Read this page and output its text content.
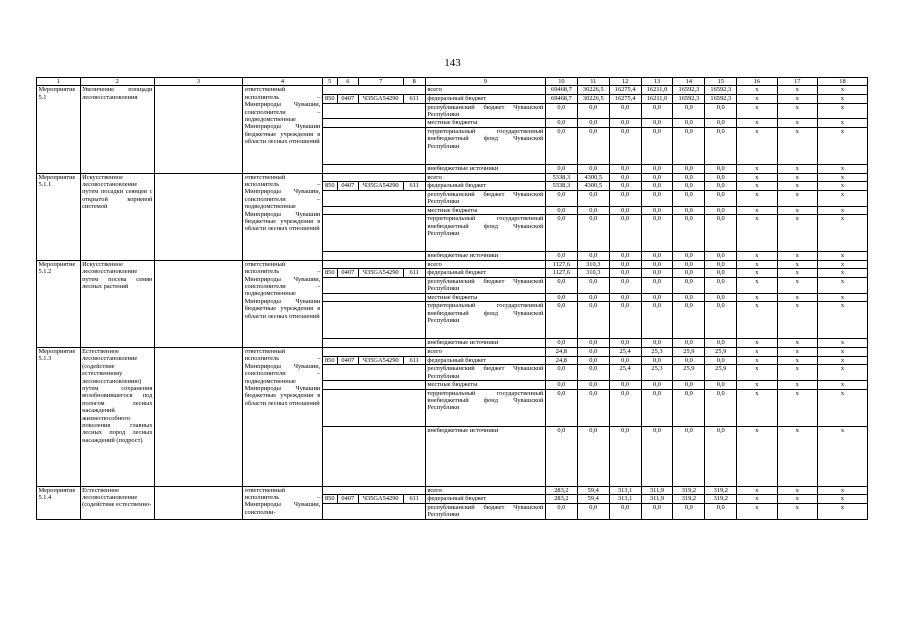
143
1	2	3	4	5	6	7	8	9	10	11	12	13	14	15	16	17	18
Мероприятие 5.1	Увеличение площади лесовосстановления		ответственный исполнитель – Минприроды Чувашии, соисполнители – подведомственные Минприроды Чувашии бюджетные учреждения в области лесных отношений					всего	69468,7	30226,5	16275,4	16211,0	16592,3	16592,3	x	x	x
				850	0407	Ч35GA54290	611	федеральный бюджет	69468,7	30226,5	16275,4	16211,0	16592,3	16592,3	x	x	x
								республиканский бюджет Чувашской Республики	0,0	0,0	0,0	0,0	0,0	0,0	x	x	x
								местные бюджеты	0,0	0,0	0,0	0,0	0,0	0,0	x	x	x
								территориальный государственный внебюджетный фонд Чувашской Республики	0,0	0,0	0,0	0,0	0,0	0,0	x	x	x
								внебюджетные источники	0,0	0,0	0,0	0,0	0,0	0,0	x	x	x
Мероприятие 5.1.1	Искусственное лесовосстановление путем посадки сеянцев с открытой корневой системой		ответственный исполнитель – Минприроды Чувашии, соисполнители – подведомственные Минприроды Чувашии бюджетные учреждения в области лесных отношений					всего	5338,3	4300,5	0,0	0,0	0,0	0,0	x	x	x
				850	0407	Ч35GA54290	611	федеральный бюджет	5338,3	4300,5	0,0	0,0	0,0	0,0	x	x	x
								республиканский бюджет Чувашской Республики	0,0	0,0	0,0	0,0	0,0	0,0	x	x	x
								местные бюджеты	0,0	0,0	0,0	0,0	0,0	0,0	x	x	x
								территориальный государственный внебюджетный фонд Чувашской Республики	0,0	0,0	0,0	0,0	0,0	0,0	x	x	x
								внебюджетные источники	0,0	0,0	0,0	0,0	0,0	0,0	x	x	x
Мероприятие 5.1.2	Искусственное лесовосстановление путем посева семян лесных растений		ответственный исполнитель – Минприроды Чувашии, соисполнители – подведомственные Минприроды Чувашии бюджетные учреждения в области лесных отношений					всего	1127,6	310,3	0,0	0,0	0,0	0,0	x	x	x
				850	0407	Ч35GA54290	611	федеральный бюджет	1127,6	310,3	0,0	0,0	0,0	0,0	x	x	x
								республиканский бюджет Чувашской Республики	0,0	0,0	0,0	0,0	0,0	0,0	x	x	x
								местные бюджеты	0,0	0,0	0,0	0,0	0,0	0,0	x	x	x
								территориальный государственный внебюджетный фонд Чувашской Республики	0,0	0,0	0,0	0,0	0,0	0,0	x	x	x
								внебюджетные источники	0,0	0,0	0,0	0,0	0,0	0,0	x	x	x
Мероприятие 5.1.3	Естественное лесовосстановление (содействие естественному лесовосстановлению) путем сохранения возобновившегося под пологом лесных насаждений жизнеспособного поколения главных лесных пород лесных насаждений (подрост)		ответственный исполнитель – Минприроды Чувашии, соисполнители – подведомственные Минприроды Чувашии бюджетные учреждения в области лесных отношений					всего	24,8	0,0	25,4	25,3	25,9	25,9	x	x	x
				850	0407	Ч35GA54290	611	федеральный бюджет	24,8	0,0	0,0	0,0	0,0	0,0	x	x	x
								республиканский бюджет Чувашской Республики	0,0	0,0	25,4	25,3	25,9	25,9	x	x	x
								местные бюджеты	0,0	0,0	0,0	0,0	0,0	0,0	x	x	x
								территориальный государственный внебюджетный фонд Чувашской Республики	0,0	0,0	0,0	0,0	0,0	0,0	x	x	x
								внебюджетные источники	0,0	0,0	0,0	0,0	0,0	0,0	x	x	x
Мероприятие 5.1.4	Естественное лесовосстановление (содействие естественно-		ответственный исполнитель – Минприроды Чувашии, соисполни-					всего	283,2	59,4	313,1	311,9	319,2	319,2	x	x	x
				850	0407	Ч35GA54290	611	федеральный бюджет	283,2	59,4	313,1	311,9	319,2	319,2	x	x	x
								республиканский бюджет Чувашской Республики	0,0	0,0	0,0	0,0	0,0	0,0	x	x	x
